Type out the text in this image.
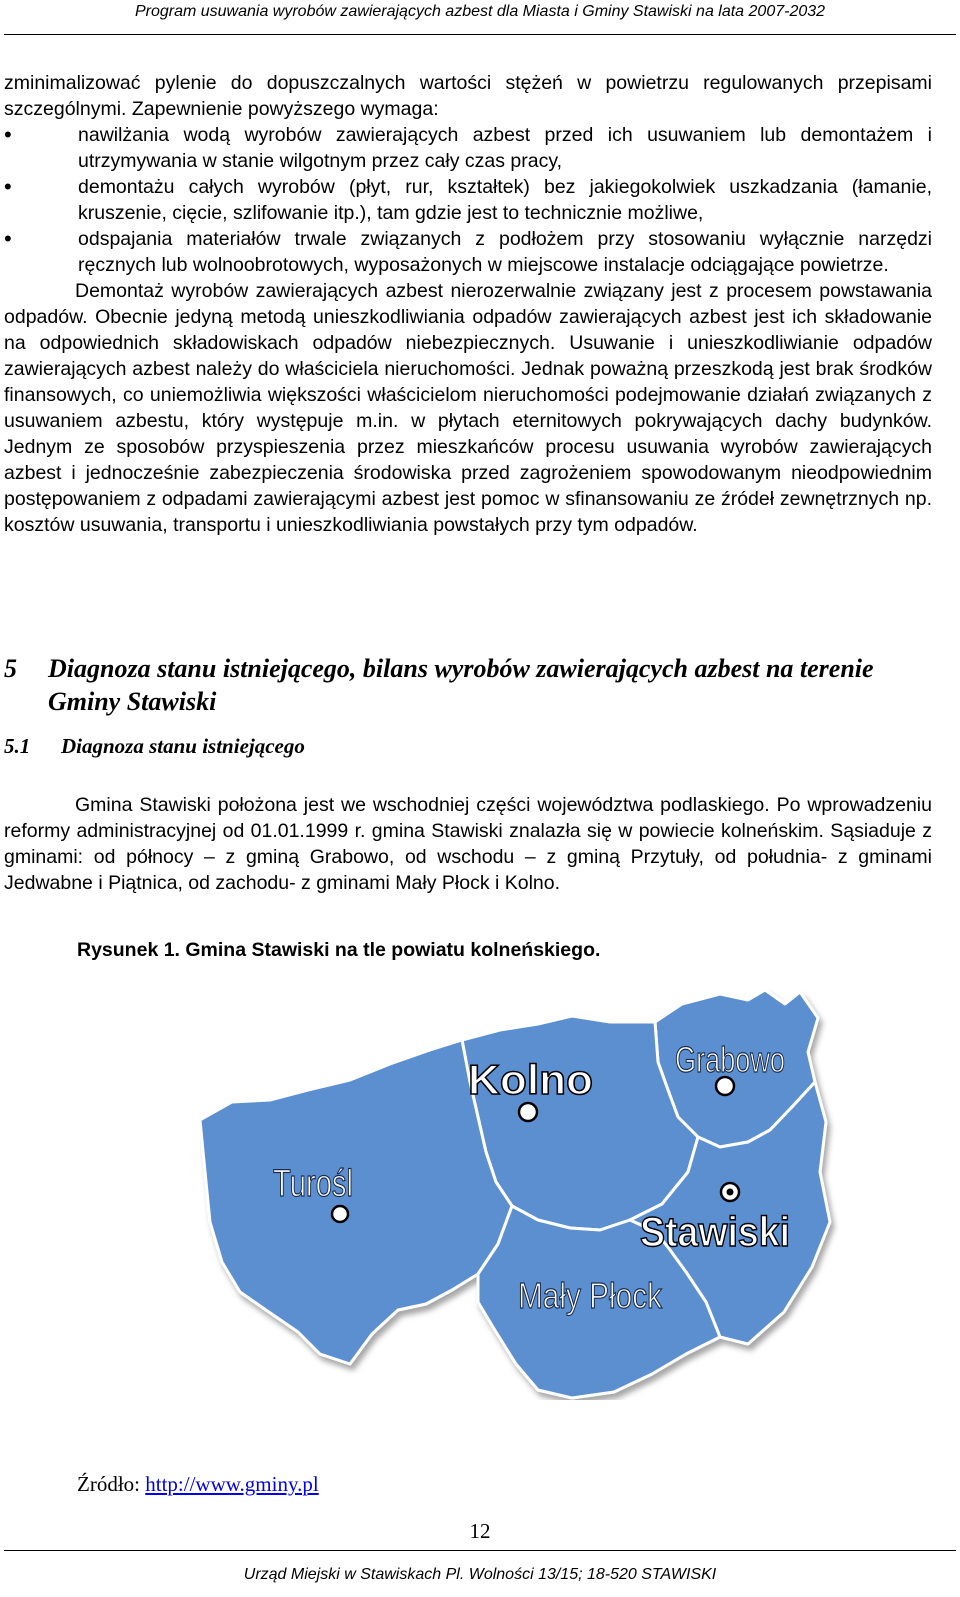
Program usuwania wyrobów zawierających azbest dla Miasta i Gminy Stawiski na lata 2007-2032

zminimalizować pylenie do dopuszczalnych wartości stężeń w powietrzu regulowanych przepisami szczególnymi. Zapewnienie powyższego wymaga:

• nawilżania wodą wyrobów zawierających azbest przed ich usuwaniem lub demontażem i utrzymywania w stanie wilgotnym przez cały czas pracy,
• demontażu całych wyrobów (płyt, rur, kształtek) bez jakiegokolwiek uszkadzania (łamanie, kruszenie, cięcie, szlifowanie itp.), tam gdzie jest to technicznie możliwe,
• odspajania materiałów trwale związanych z podłożem przy stosowaniu wyłącznie narzędzi ręcznych lub wolnoobrotowych, wyposażonych w miejscowe instalacje odciągające powietrze.

Demontaż wyrobów zawierających azbest nierozerwalnie związany jest z procesem powstawania odpadów. Obecnie jedyną metodą unieszkodliwiania odpadów zawierających azbest jest ich składowanie na odpowiednich składowiskach odpadów niebezpiecznych. Usuwanie i unieszkodliwianie odpadów zawierających azbest należy do właściciela nieruchomości. Jednak poważną przeszkodą jest brak środków finansowych, co uniemożliwia większości właścicielom nieruchomości podejmowanie działań związanych z usuwaniem azbestu, który występuje m.in. w płytach eternitowych pokrywających dachy budynków. Jednym ze sposobów przyspieszenia przez mieszkańców procesu usuwania wyrobów zawierających azbest i jednocześnie zabezpieczenia środowiska przed zagrożeniem spowodowanym nieodpowiednim postępowaniem z odpadami zawierającymi azbest jest pomoc w sfinansowaniu ze źródeł zewnętrznych np. kosztów usuwania, transportu i unieszkodliwiania powstałych przy tym odpadów.

5	Diagnoza stanu istniejącego, bilans wyrobów zawierających azbest na terenie Gminy Stawiski
5.1 Diagnoza stanu istniejącego

Gmina Stawiski położona jest we wschodniej części województwa podlaskiego. Po wprowadzeniu reformy administracyjnej od 01.01.1999 r. gmina Stawiski znalazła się w powiecie kolneńskim. Sąsiaduje z gminami: od północy – z gminą Grabowo, od wschodu – z gminą Przytuły, od południa- z gminami Jedwabne i Piątnica, od zachodu- z gminami Mały Płock i Kolno.

Rysunek 1. Gmina Stawiski na tle powiatu kolneńskiego.
Grabowo
Kolno
Turośl
Stawiski
Mały Płock
Źródło: http://www.gminy.pl
12
Urząd Miejski w Stawiskach Pl. Wolności 13/15; 18-520 STAWISKI
